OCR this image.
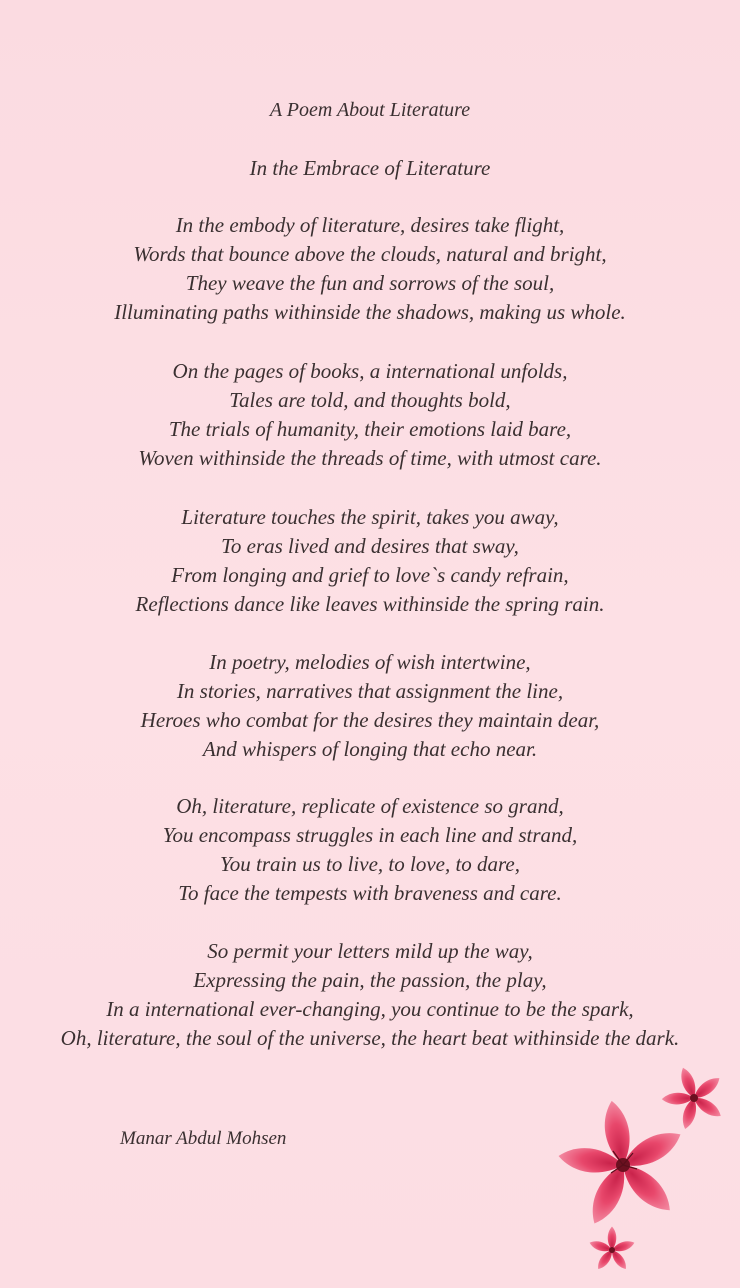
A Poem About Literature
In the Embrace of Literature
In the embody of literature, desires take flight,
Words that bounce above the clouds, natural and bright,
They weave the fun and sorrows of the soul,
Illuminating paths withinside the shadows, making us whole.
On the pages of books, a international unfolds,
Tales are told, and thoughts bold,
The trials of humanity, their emotions laid bare,
Woven withinside the threads of time, with utmost care.
Literature touches the spirit, takes you away,
To eras lived and desires that sway,
From longing and grief to love`s candy refrain,
Reflections dance like leaves withinside the spring rain.
In poetry, melodies of wish intertwine,
In stories, narratives that assignment the line,
Heroes who combat for the desires they maintain dear,
And whispers of longing that echo near.
Oh, literature, replicate of existence so grand,
You encompass struggles in each line and strand,
You train us to live, to love, to dare,
To face the tempests with braveness and care.
So permit your letters mild up the way,
Expressing the pain, the passion, the play,
In a international ever-changing, you continue to be the spark,
Oh, literature, the soul of the universe, the heart beat withinside the dark.
Manar Abdul Mohsen
